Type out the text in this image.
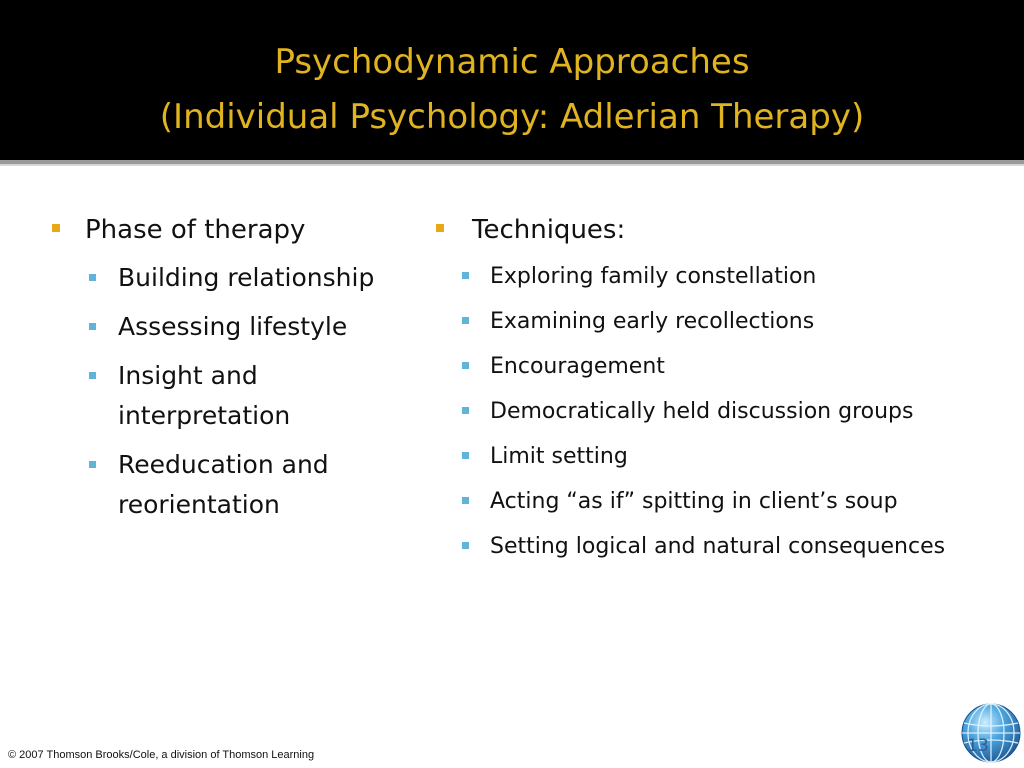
Psychodynamic Approaches
(Individual Psychology: Adlerian Therapy)
Phase of therapy
Building relationship
Assessing lifestyle
Insight and interpretation
Reeducation and reorientation
Techniques:
Exploring family constellation
Examining early recollections
Encouragement
Democratically held discussion groups
Limit setting
Acting “as if” spitting in client’s soup
Setting logical and natural consequences
© 2007 Thomson Brooks/Cole, a division of Thomson Learning	13
